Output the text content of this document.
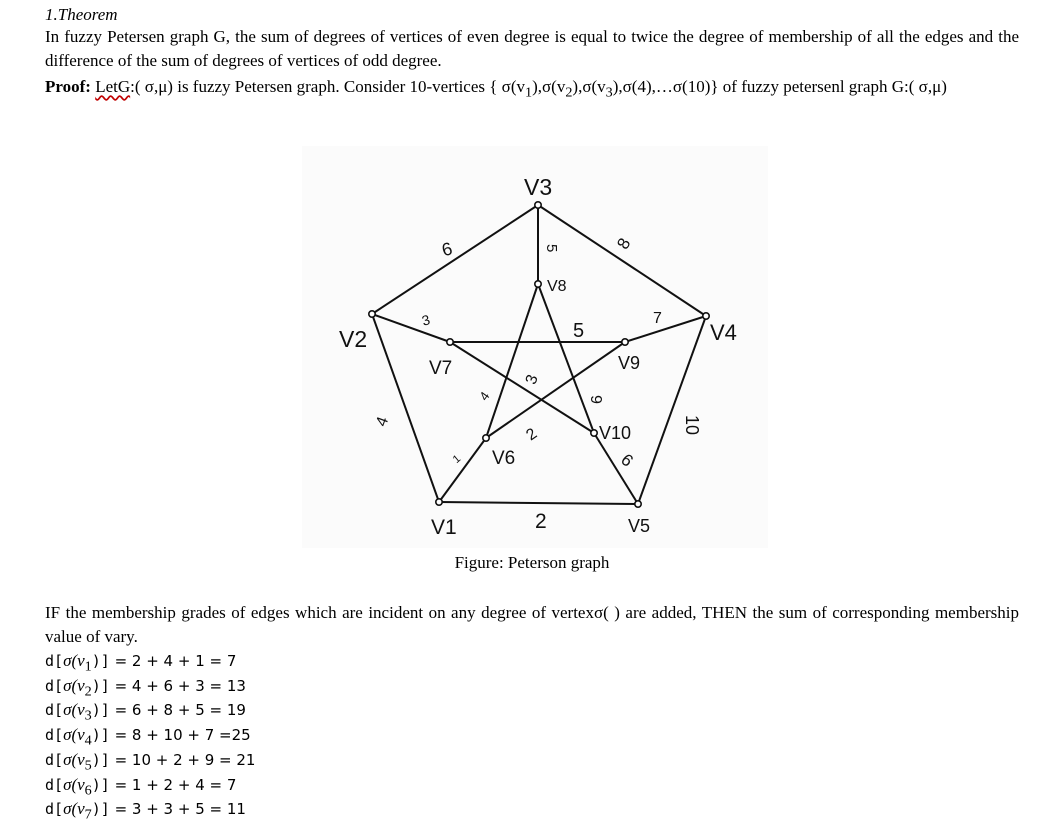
1.Theorem
In fuzzy Petersen graph G, the sum of degrees of vertices of even degree is equal to twice the degree of membership of all the edges and the difference of the sum of degrees of vertices of odd degree.
Proof: LetG:( σ,μ) is fuzzy Petersen graph. Consider 10-vertices { $\sigma(v_1),\sigma(v_2),\sigma(v_3),\sigma(4),\dots\sigma(10)$} of fuzzy petersenl graph G:( σ,μ)
V3
V2	V4
V1	V5
V8
V7	V9
V6
V10
6	8
5
3
4
7
10
2
1
5
4
3
6
2
9
Figure: Peterson graph
IF the membership grades of edges which are incident on any degree of vertexσ( ) are added, THEN the sum of corresponding membership value of vary.
$d[\sigma(v_1)] = 2 + 4 + 1 = 7$
$d[\sigma(v_2)] = 4 + 6 + 3 = 13$
$d[\sigma(v_3)] = 6 + 8 + 5 = 19$
$d[\sigma(v_4)] = 8 + 10 + 7 =25$
$d[\sigma(v_5)] = 10 + 2 + 9 = 21$
$d[\sigma(v_6)] = 1 + 2 + 4 = 7$
$d[\sigma(v_7)] = 3 + 3 + 5 = 11$
